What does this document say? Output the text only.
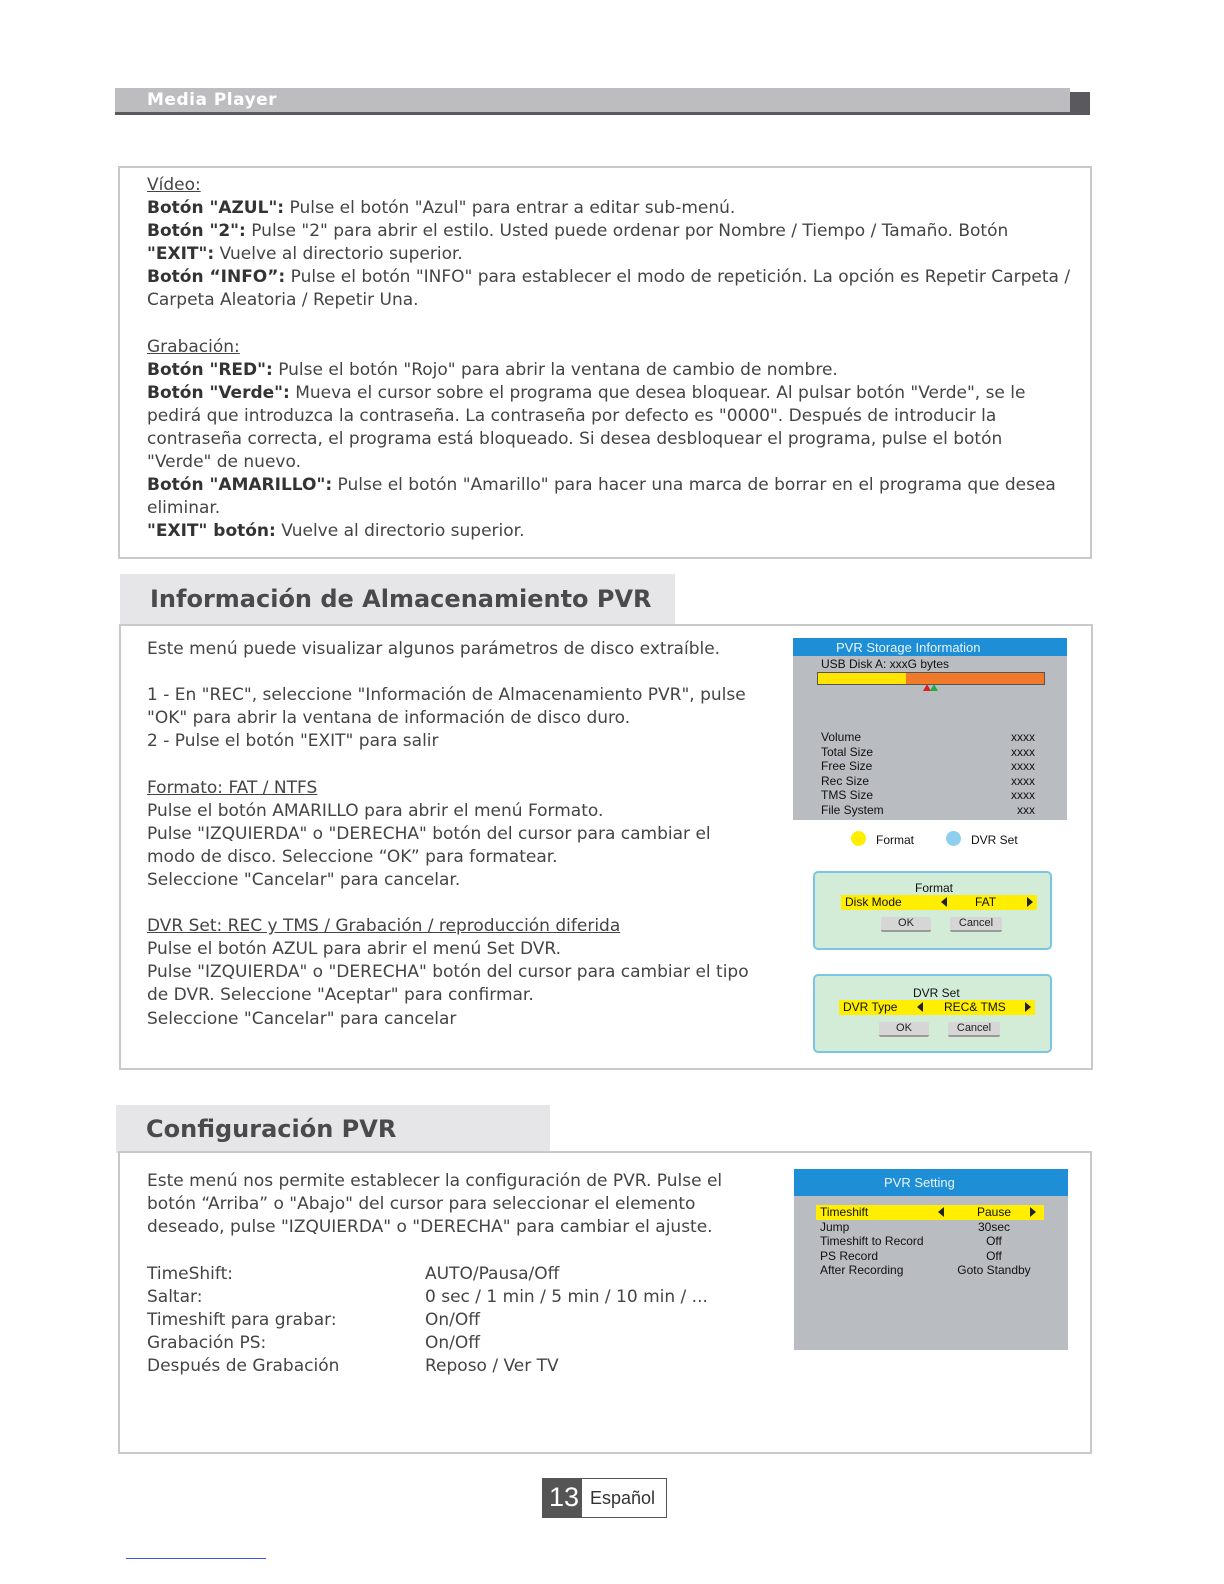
Media Player

Vídeo:

Botón "AZUL": Pulse el botón "Azul" para entrar a editar sub-menú.

Botón "2": Pulse "2" para abrir el estilo. Usted puede ordenar por Nombre / Tiempo / Tamaño. Botón

"EXIT": Vuelve al directorio superior.

Botón “INFO”: Pulse el botón "INFO" para establecer el modo de repetición. La opción es Repetir Carpeta /

Carpeta Aleatoria / Repetir Una.

Grabación:

Botón "RED": Pulse el botón "Rojo" para abrir la ventana de cambio de nombre.

Botón "Verde": Mueva el cursor sobre el programa que desea bloquear. Al pulsar botón "Verde", se le

pedirá que introduzca la contraseña. La contraseña por defecto es "0000". Después de introducir la

contraseña correcta, el programa está bloqueado. Si desea desbloquear el programa, pulse el botón

"Verde" de nuevo.

Botón "AMARILLO": Pulse el botón "Amarillo" para hacer una marca de borrar en el programa que desea

eliminar.

"EXIT" botón: Vuelve al directorio superior.

Información de Almacenamiento PVR

Este menú puede visualizar algunos parámetros de disco extraíble.

1 - En "REC", seleccione "Información de Almacenamiento PVR", pulse

"OK" para abrir la ventana de información de disco duro.

2 - Pulse el botón "EXIT" para salir

Formato: FAT / NTFS

Pulse el botón AMARILLO para abrir el menú Formato.

Pulse "IZQUIERDA" o "DERECHA" botón del cursor para cambiar el

modo de disco. Seleccione “OK” para formatear.

Seleccione "Cancelar" para cancelar.

DVR Set: REC y TMS / Grabación / reproducción diferida

Pulse el botón AZUL para abrir el menú Set DVR.

Pulse "IZQUIERDA" o "DERECHA" botón del cursor para cambiar el tipo

de DVR. Seleccione "Aceptar" para confirmar.

Seleccione "Cancelar" para cancelar

PVR Storage Information
USB Disk A: xxxG bytes
Volume	xxxx
Total Size	xxxx
Free Size	xxxx
Rec Size	xxxx
TMS Size	xxxx
File System	xxx
Format	DVR Set
Format
Disk Mode	FAT
OK	Cancel
DVR Set
DVR Type	REC& TMS
OK	Cancel
Configuración PVR

Este menú nos permite establecer la configuración de PVR. Pulse el

botón “Arriba” o "Abajo" del cursor para seleccionar el elemento

deseado, pulse "IZQUIERDA" o "DERECHA" para cambiar el ajuste.

TimeShift:	AUTO/Pausa/Off
Saltar:	0 sec / 1 min / 5 min / 10 min / ...
Timeshift para grabar:	On/Off
Grabación PS:	On/Off
Después de Grabación	Reposo / Ver TV
PVR Setting
Timeshift	Pause
Jump	30sec
Timeshift to Record	Off
PS Record	Off
After Recording	Goto Standby
13 Español
